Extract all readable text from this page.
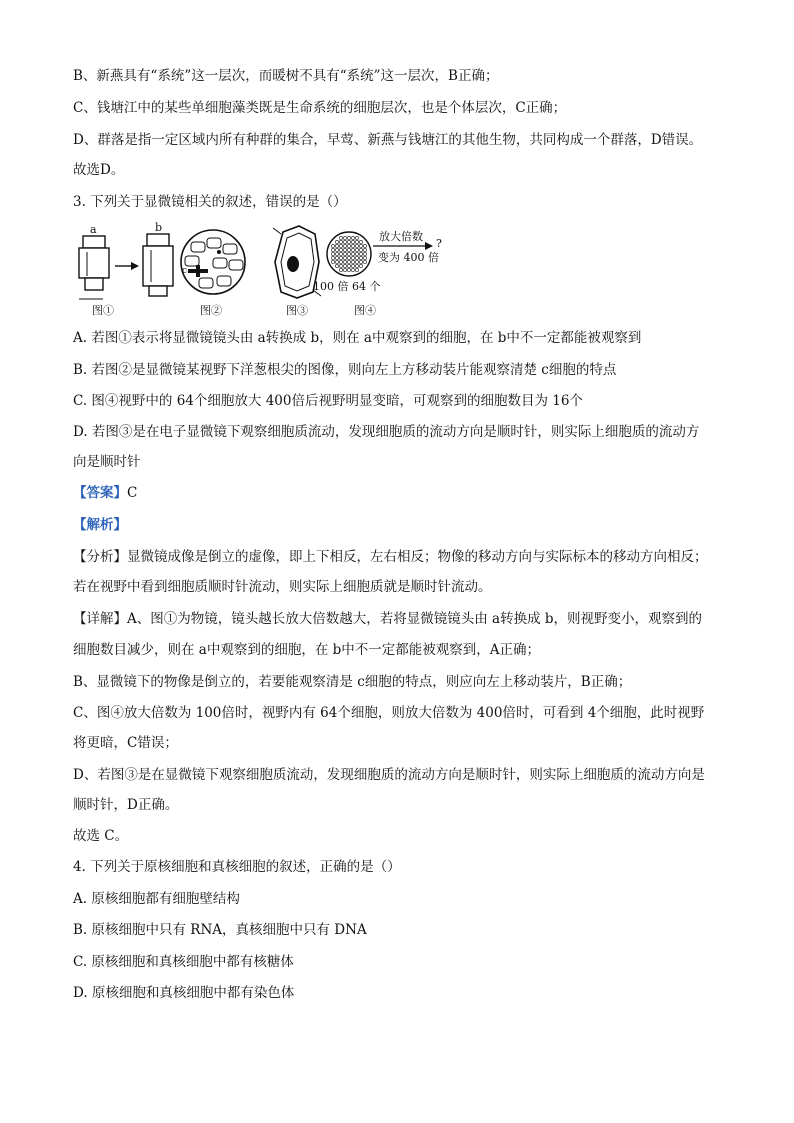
B、新燕具有“系统”这一层次，而暖树不具有“系统”这一层次，B正确；
C、钱塘江中的某些单细胞藻类既是生命系统的细胞层次，也是个体层次，C正确；
D、群落是指一定区域内所有种群的集合，早莺、新燕与钱塘江的其他生物，共同构成一个群落，D错误。
故选D。
3. 下列关于显微镜相关的叙述，错误的是（）
a	b
c
放大倍数
变为 400 倍
?
100 倍 64 个
图①	图②	图③	图④
A. 若图①表示将显微镜镜头由 a转换成 b，则在 a中观察到的细胞，在 b中不一定都能被观察到
B. 若图②是显微镜某视野下洋葱根尖的图像，则向左上方移动装片能观察清楚 c细胞的特点
C. 图④视野中的 64个细胞放大 400倍后视野明显变暗，可观察到的细胞数目为 16个
D. 若图③是在电子显微镜下观察细胞质流动，发现细胞质的流动方向是顺时针，则实际上细胞质的流动方
向是顺时针
【答案】C
【解析】
【分析】显微镜成像是倒立的虚像，即上下相反，左右相反；物像的移动方向与实际标本的移动方向相反；
若在视野中看到细胞质顺时针流动，则实际上细胞质就是顺时针流动。
【详解】A、图①为物镜，镜头越长放大倍数越大，若将显微镜镜头由 a转换成 b，则视野变小，观察到的
细胞数目减少，则在 a中观察到的细胞，在 b中不一定都能被观察到，A正确；
B、显微镜下的物像是倒立的，若要能观察清是 c细胞的特点，则应向左上移动装片，B正确；
C、图④放大倍数为 100倍时，视野内有 64个细胞，则放大倍数为 400倍时，可看到 4个细胞，此时视野
将更暗，C错误；
D、若图③是在显微镜下观察细胞质流动，发现细胞质的流动方向是顺时针，则实际上细胞质的流动方向是
顺时针，D正确。
故选 C。
4. 下列关于原核细胞和真核细胞的叙述，正确的是（）
A. 原核细胞都有细胞壁结构
B. 原核细胞中只有 RNA，真核细胞中只有 DNA
C. 原核细胞和真核细胞中都有核糖体
D. 原核细胞和真核细胞中都有染色体
